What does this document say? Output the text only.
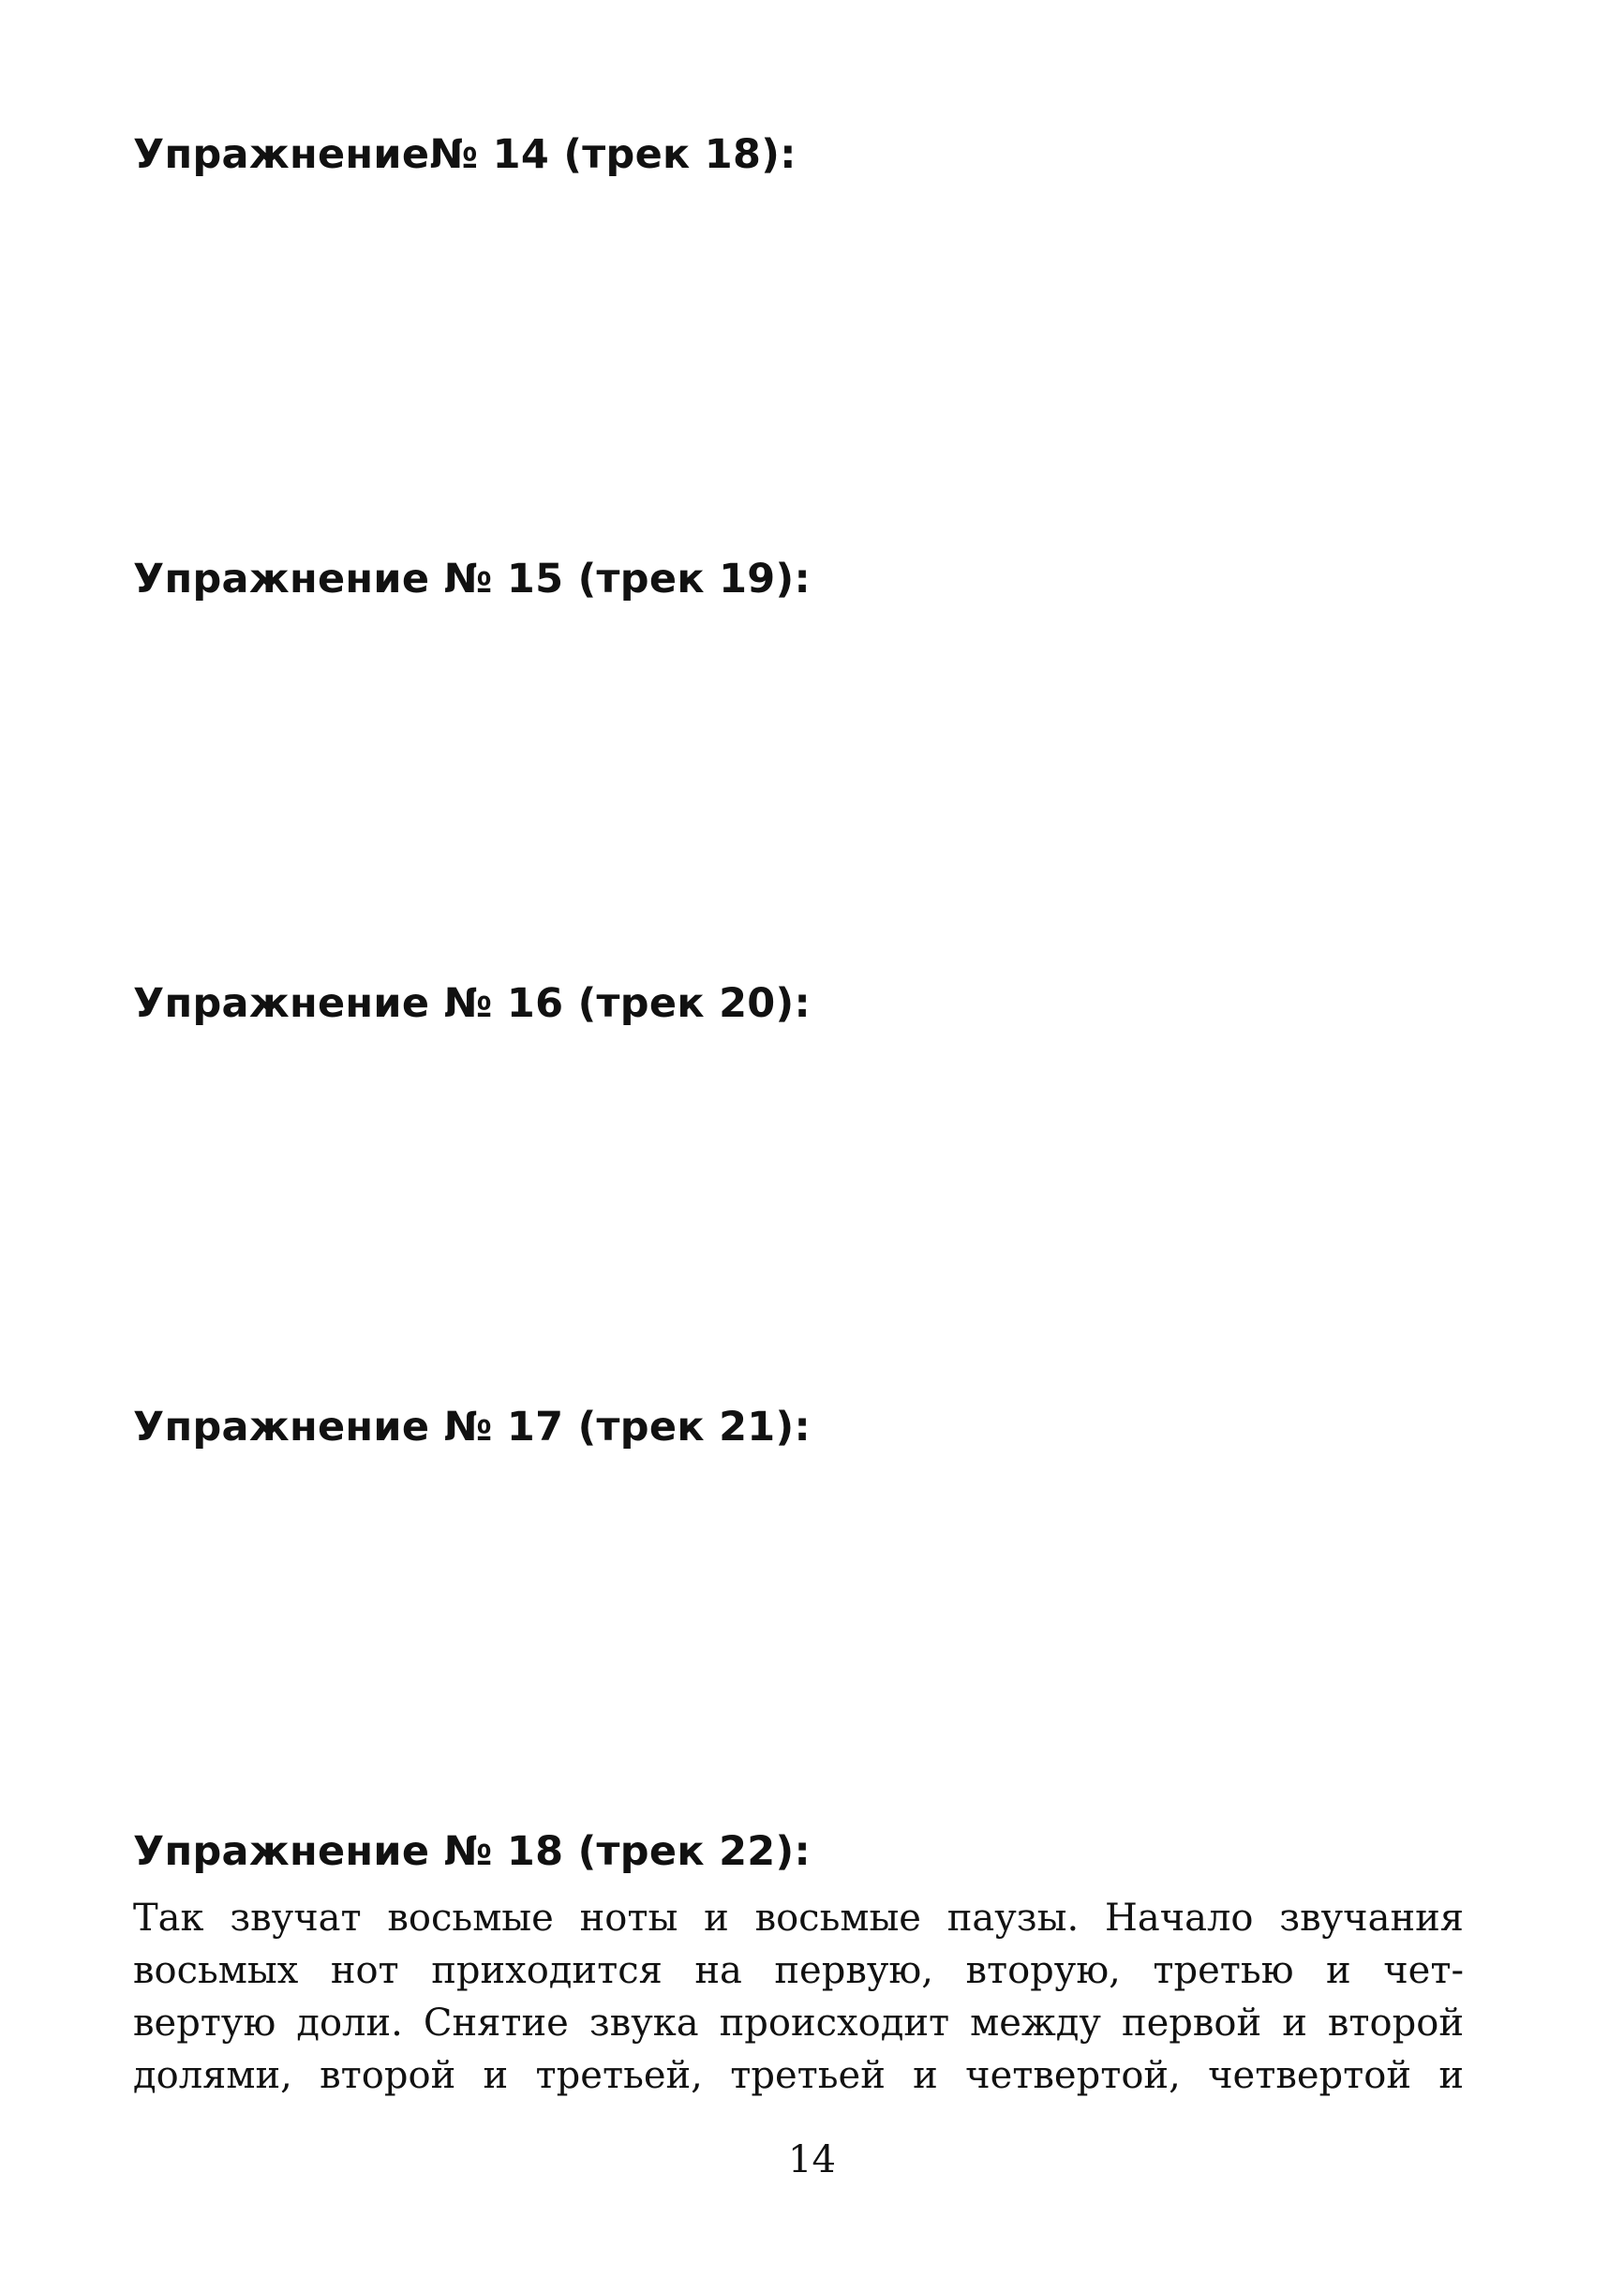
Упражнение№ 14 (трек 18):
4
4
4
4
T
A
B
0	0
Упражнение № 15 (трек 19):
4
4
4
4
T
A
B
0	0	0
Упражнение № 16 (трек 20):
4
4
4
4
T
A
B
0	0	0	0
Упражнение № 17 (трек 21):
4
4
4
4
T
A
B
0	0	0	0	0
Упражнение № 18 (трек 22):
Так звучат восьмые ноты и восьмые паузы. Начало звучания
восьмых нот приходится на первую, вторую, третью и чет-
вертую доли. Снятие звука происходит между первой и второй
долями, второй и третьей, третьей и четвертой, четвертой и

14
